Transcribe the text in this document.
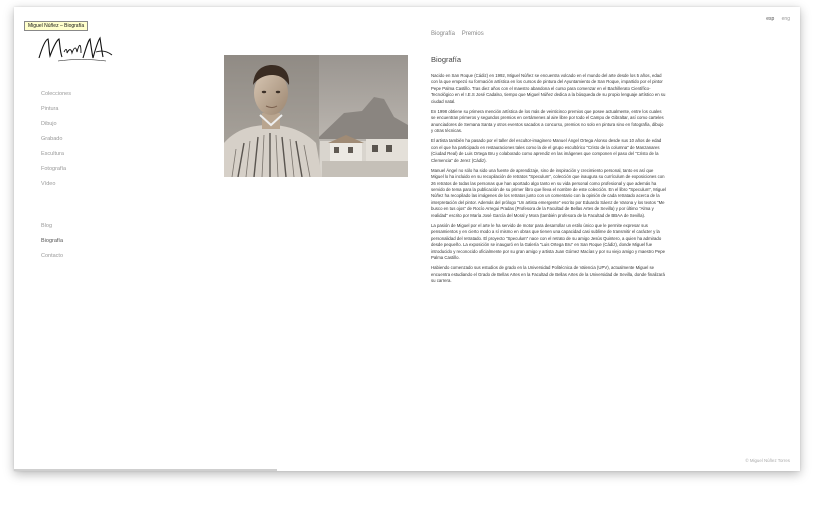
Miguel Núñez – Biografía
Colecciones
Pintura
Dibujo
Grabado
Escultura
Fotografía
Vídeo
Blog
Biografía
Contacto
esp eng
Biografía Premios
Biografía

Nacido en San Roque (Cádiz) en 1992, Miguel Núñez se encuentra volcado en el mundo del arte desde los 5 años, edad con la que empezó su formación artística en los cursos de pintura del Ayuntamiento de San Roque, impartido por el pintor Pepe Palma Castillo. Tras diez años con el maestro abandona el curso para comenzar en el Bachillerato Científico-Tecnológico en el I.E.S José Cadalso, tiempo que Miguel Núñez dedica a la búsqueda de su propio lenguaje artístico en su ciudad natal.

En 1998 obtiene su primera mención artística de los más de veinticinco premios que posee actualmente, entre los cuales se encuentran primeros y segundos premios en certámenes al aire libre por todo el Campo de Gibraltar, así como carteles anunciadores de Semana Santa y otros eventos sacados a concurso, premios no solo en pintura sino en fotografía, dibujo y otras técnicas.

El artista también ha pasado por el taller del escultor-imaginero Manuel Ángel Ortega Alonso desde sus 10 años de edad con el que ha participado en restauraciones tales como la de el grupo escultórico "Cristo de la columna" de Manzanares (Ciudad Real) de Luis Ortega Bru y colaborado como aprendiz en las imágenes que componen el paso del "Cristo de la Clemencia" de Jerez (Cádiz).

Manuel Ángel no sólo ha sido una fuente de aprendizaje, sino de inspiración y crecimiento personal, tanto es así que Miguel lo ha incluido en su recopilación de retratos "Speculum", colección que inaugura su currículum de exposiciones con 26 retratos de todas las personas que han aportado algo tanto en su vida personal como profesional y que además ha servido de tema para la publicación de su primer libro que lleva el nombre de este colección. En el libro "Speculum", Miguel Núñez ha recopilado las imágenes de los retratos junto con un comentario con la opinión de cada retratado acerca de la interpretación del pintor. Además del prólogo "Un artista emergente" escrito por Eduardo Sáenz de Varona y los textos "Me busco en tus ojos" de Rocío Arregui Pradas (Profesora de la Facultad de Bellas Artes de Sevilla) y por último "Alma y realidad" escrito por María José García del Moral y Mora (también profesora de la Facultad de BBAA de Sevilla).

La pasión de Miguel por el arte le ha servido de motor para desarrollar un estilo único que le permite expresar sus pensamientos y en cierto modo a sí mismo en obras que tienen una capacidad casi sublime de transmitir el carácter y la personalidad del retratado. El proyecto "Speculum" nace con el retrato de su amigo Jesús Quintero, a quien ha admirado desde pequeño. La exposición se inauguró en la Galería "Luis Ortega Bru" en San Roque (Cádiz), donde Miguel fue introducido y reconocido oficialmente por su gran amigo y artista Juan Gómez Macías y por su viejo amigo y maestro Pepe Palma Castillo.

Habiendo comenzado sus estudios de grado en la Universidad Politécnica de Valencia (UPV), actualmente Miguel se encuentra estudiando el Grado de Bellas Artes en la Facultad de Bellas Artes de la Universidad de Sevilla, donde finalizará su carrera.

© Miguel Núñez Torres
